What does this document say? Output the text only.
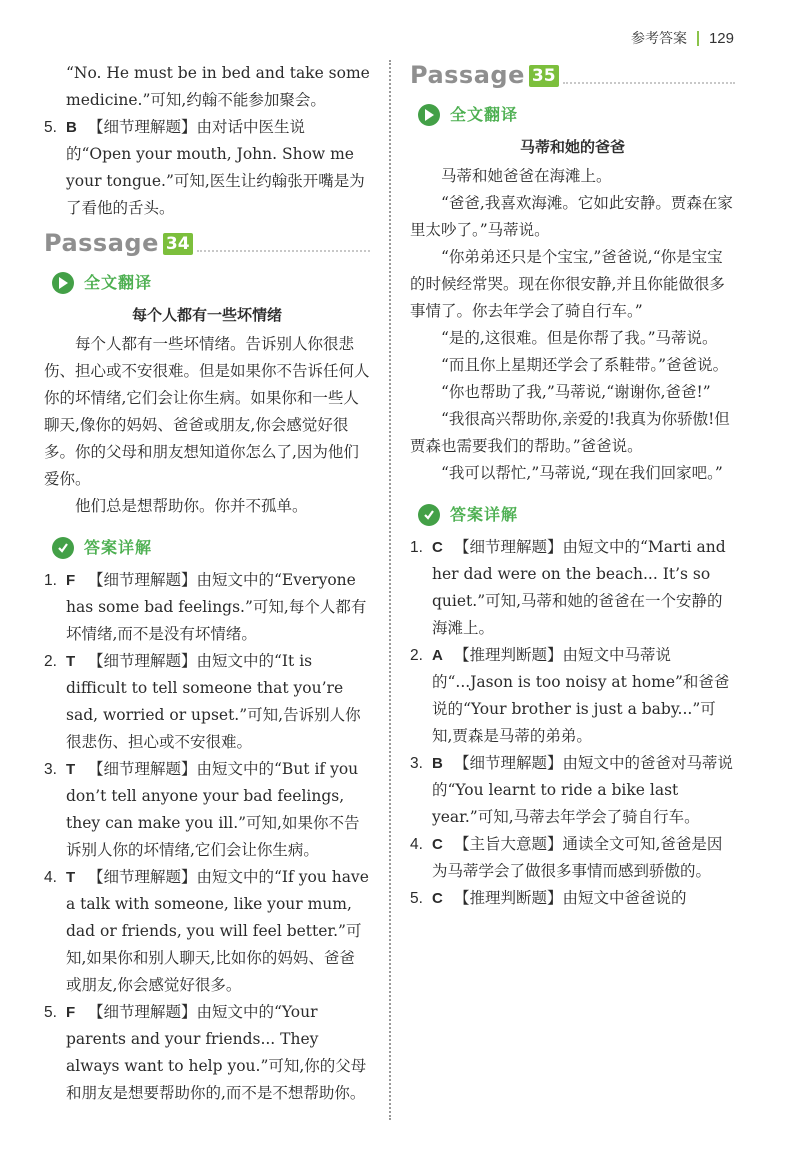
参考答案 129

“No. He must be in bed and take some

medicine.”可知,约翰不能参加聚会。

5. B 【细节理解题】由对话中医生说的“Open your mouth, John. Show me your tongue.”可知,医生让约翰张开嘴是为了看他的舌头。
Passage 34
全文翻译

每个人都有一些坏情绪

每个人都有一些坏情绪。告诉别人你很悲伤、担心或不安很难。但是如果你不告诉任何人你的坏情绪,它们会让你生病。如果你和一些人聊天,像你的妈妈、爸爸或朋友,你会感觉好很多。你的父母和朋友想知道你怎么了,因为他们爱你。

他们总是想帮助你。你并不孤单。

答案详解
1. F 【细节理解题】由短文中的“Everyone has some bad feelings.”可知,每个人都有坏情绪,而不是没有坏情绪。
2. T 【细节理解题】由短文中的“It is difficult to tell someone that you’re sad, worried or upset.”可知,告诉别人你很悲伤、担心或不安很难。
3. T 【细节理解题】由短文中的“But if you don’t tell anyone your bad feelings, they can make you ill.”可知,如果你不告诉别人你的坏情绪,它们会让你生病。
4. T 【细节理解题】由短文中的“If you have a talk with someone, like your mum, dad or friends, you will feel better.”可知,如果你和别人聊天,比如你的妈妈、爸爸或朋友,你会感觉好很多。
5. F 【细节理解题】由短文中的“Your parents and your friends... They always want to help you.”可知,你的父母和朋友是想要帮助你的,而不是不想帮助你。
Passage 35
全文翻译

马蒂和她的爸爸

马蒂和她爸爸在海滩上。

“爸爸,我喜欢海滩。它如此安静。贾森在家里太吵了。”马蒂说。

“你弟弟还只是个宝宝,”爸爸说,“你是宝宝的时候经常哭。现在你很安静,并且你能做很多事情了。你去年学会了骑自行车。”

“是的,这很难。但是你帮了我。”马蒂说。

“而且你上星期还学会了系鞋带。”爸爸说。

“你也帮助了我,”马蒂说,“谢谢你,爸爸!”

“我很高兴帮助你,亲爱的!我真为你骄傲!但贾森也需要我们的帮助。”爸爸说。

“我可以帮忙,”马蒂说,“现在我们回家吧。”

答案详解
1. C 【细节理解题】由短文中的“Marti and her dad were on the beach... It’s so quiet.”可知,马蒂和她的爸爸在一个安静的海滩上。
2. A 【推理判断题】由短文中马蒂说的“...Jason is too noisy at home”和爸爸说的“Your brother is just a baby...”可知,贾森是马蒂的弟弟。
3. B 【细节理解题】由短文中的爸爸对马蒂说的“You learnt to ride a bike last year.”可知,马蒂去年学会了骑自行车。
4. C 【主旨大意题】通读全文可知,爸爸是因为马蒂学会了做很多事情而感到骄傲的。
5. C 【推理判断题】由短文中爸爸说的
